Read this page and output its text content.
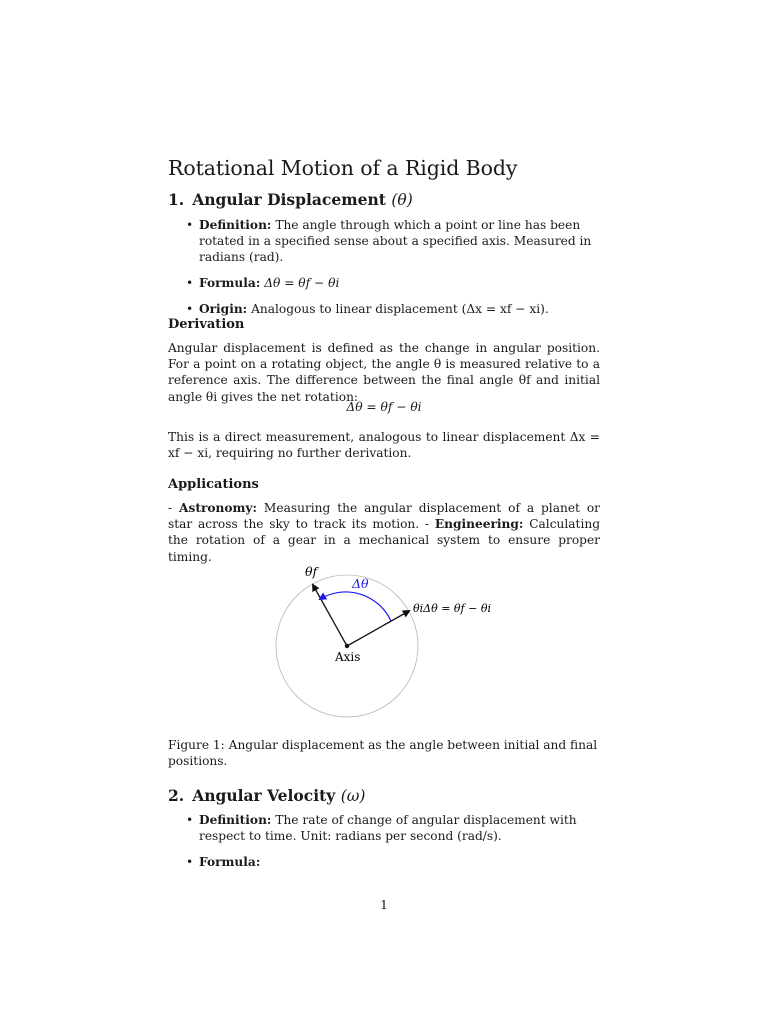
Rotational Motion of a Rigid Body
1. Angular Displacement (θ)
• Definition: The angle through which a point or line has been rotated in a specified sense about a specified axis. Measured in radians (rad).
• Formula: Δθ = θf − θi
• Origin: Analogous to linear displacement (Δx = xf − xi).
Derivation

Angular displacement is defined as the change in angular position. For a point on a rotating object, the angle θ is measured relative to a reference axis. The difference between the final angle θf and initial angle θi gives the net rotation:

Δθ = θf − θi

This is a direct measurement, analogous to linear displacement Δx = xf − xi, requiring no further derivation.

Applications

- Astronomy: Measuring the angular displacement of a planet or star across the sky to track its motion. - Engineering: Calculating the rotation of a gear in a mechanical system to ensure proper timing.

θf
Δθ
θiΔθ = θf − θi
Axis
Figure 1: Angular displacement as the angle between initial and final positions.
2. Angular Velocity (ω)
• Definition: The rate of change of angular displacement with respect to time. Unit: radians per second (rad/s).
• Formula:
1
